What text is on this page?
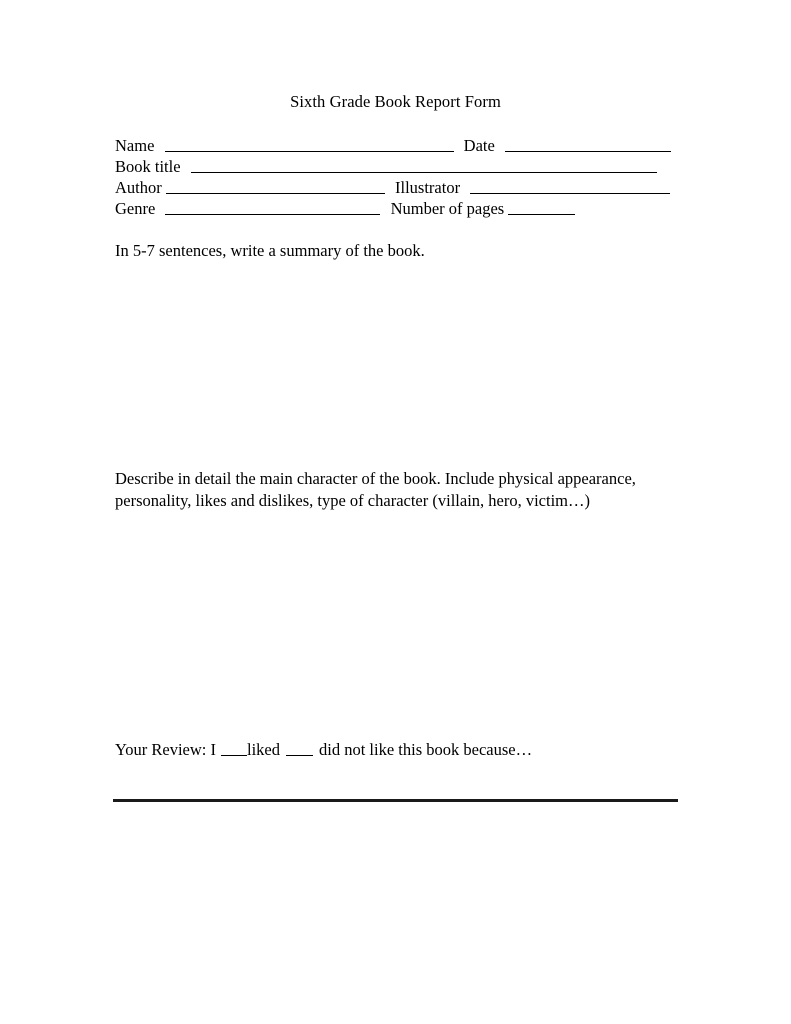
Sixth Grade Book Report Form
Name	Date
Book title
Author	Illustrator
Genre	Number of pages
In 5-7 sentences, write a summary of the book.
Describe in detail the main character of the book. Include physical appearance, personality, likes and dislikes, type of character (villain, hero, victim…)
Your Review: I liked did not like this book because…
